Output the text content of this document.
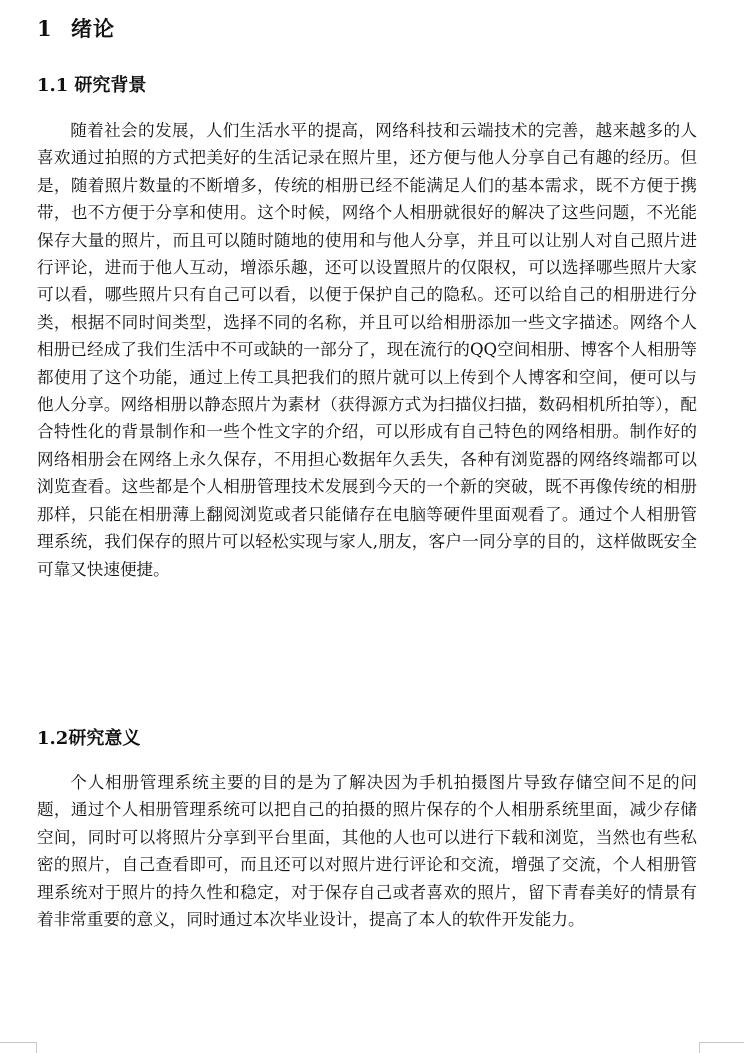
1 绪论
1.1 研究背景

随着社会的发展，人们生活水平的提高，网络科技和云端技术的完善，越来越多的人喜欢通过拍照的方式把美好的生活记录在照片里，还方便与他人分享自己有趣的经历。但是，随着照片数量的不断增多，传统的相册已经不能满足人们的基本需求，既不方便于携带，也不方便于分享和使用。这个时候，网络个人相册就很好的解决了这些问题，不光能保存大量的照片，而且可以随时随地的使用和与他人分享，并且可以让别人对自己照片进行评论，进而于他人互动，增添乐趣，还可以设置照片的仅限权，可以选择哪些照片大家可以看，哪些照片只有自己可以看，以便于保护自己的隐私。还可以给自己的相册进行分类，根据不同时间类型，选择不同的名称，并且可以给相册添加一些文字描述。网络个人相册已经成了我们生活中不可或缺的一部分了，现在流行的QQ空间相册、博客个人相册等都使用了这个功能，通过上传工具把我们的照片就可以上传到个人博客和空间，便可以与他人分享。网络相册以静态照片为素材（获得源方式为扫描仪扫描，数码相机所拍等），配合特性化的背景制作和一些个性文字的介绍，可以形成有自己特色的网络相册。制作好的网络相册会在网络上永久保存，不用担心数据年久丢失，各种有浏览器的网络终端都可以浏览查看。这些都是个人相册管理技术发展到今天的一个新的突破，既不再像传统的相册那样，只能在相册薄上翻阅浏览或者只能储存在电脑等硬件里面观看了。通过个人相册管理系统，我们保存的照片可以轻松实现与家人,朋友，客户一同分享的目的，这样做既安全可靠又快速便捷。

1.2研究意义

个人相册管理系统主要的目的是为了解决因为手机拍摄图片导致存储空间不足的问题，通过个人相册管理系统可以把自己的拍摄的照片保存的个人相册系统里面，减少存储空间，同时可以将照片分享到平台里面，其他的人也可以进行下载和浏览，当然也有些私密的照片，自己查看即可，而且还可以对照片进行评论和交流，增强了交流，个人相册管理系统对于照片的持久性和稳定，对于保存自己或者喜欢的照片，留下青春美好的情景有着非常重要的意义，同时通过本次毕业设计，提高了本人的软件开发能力。
